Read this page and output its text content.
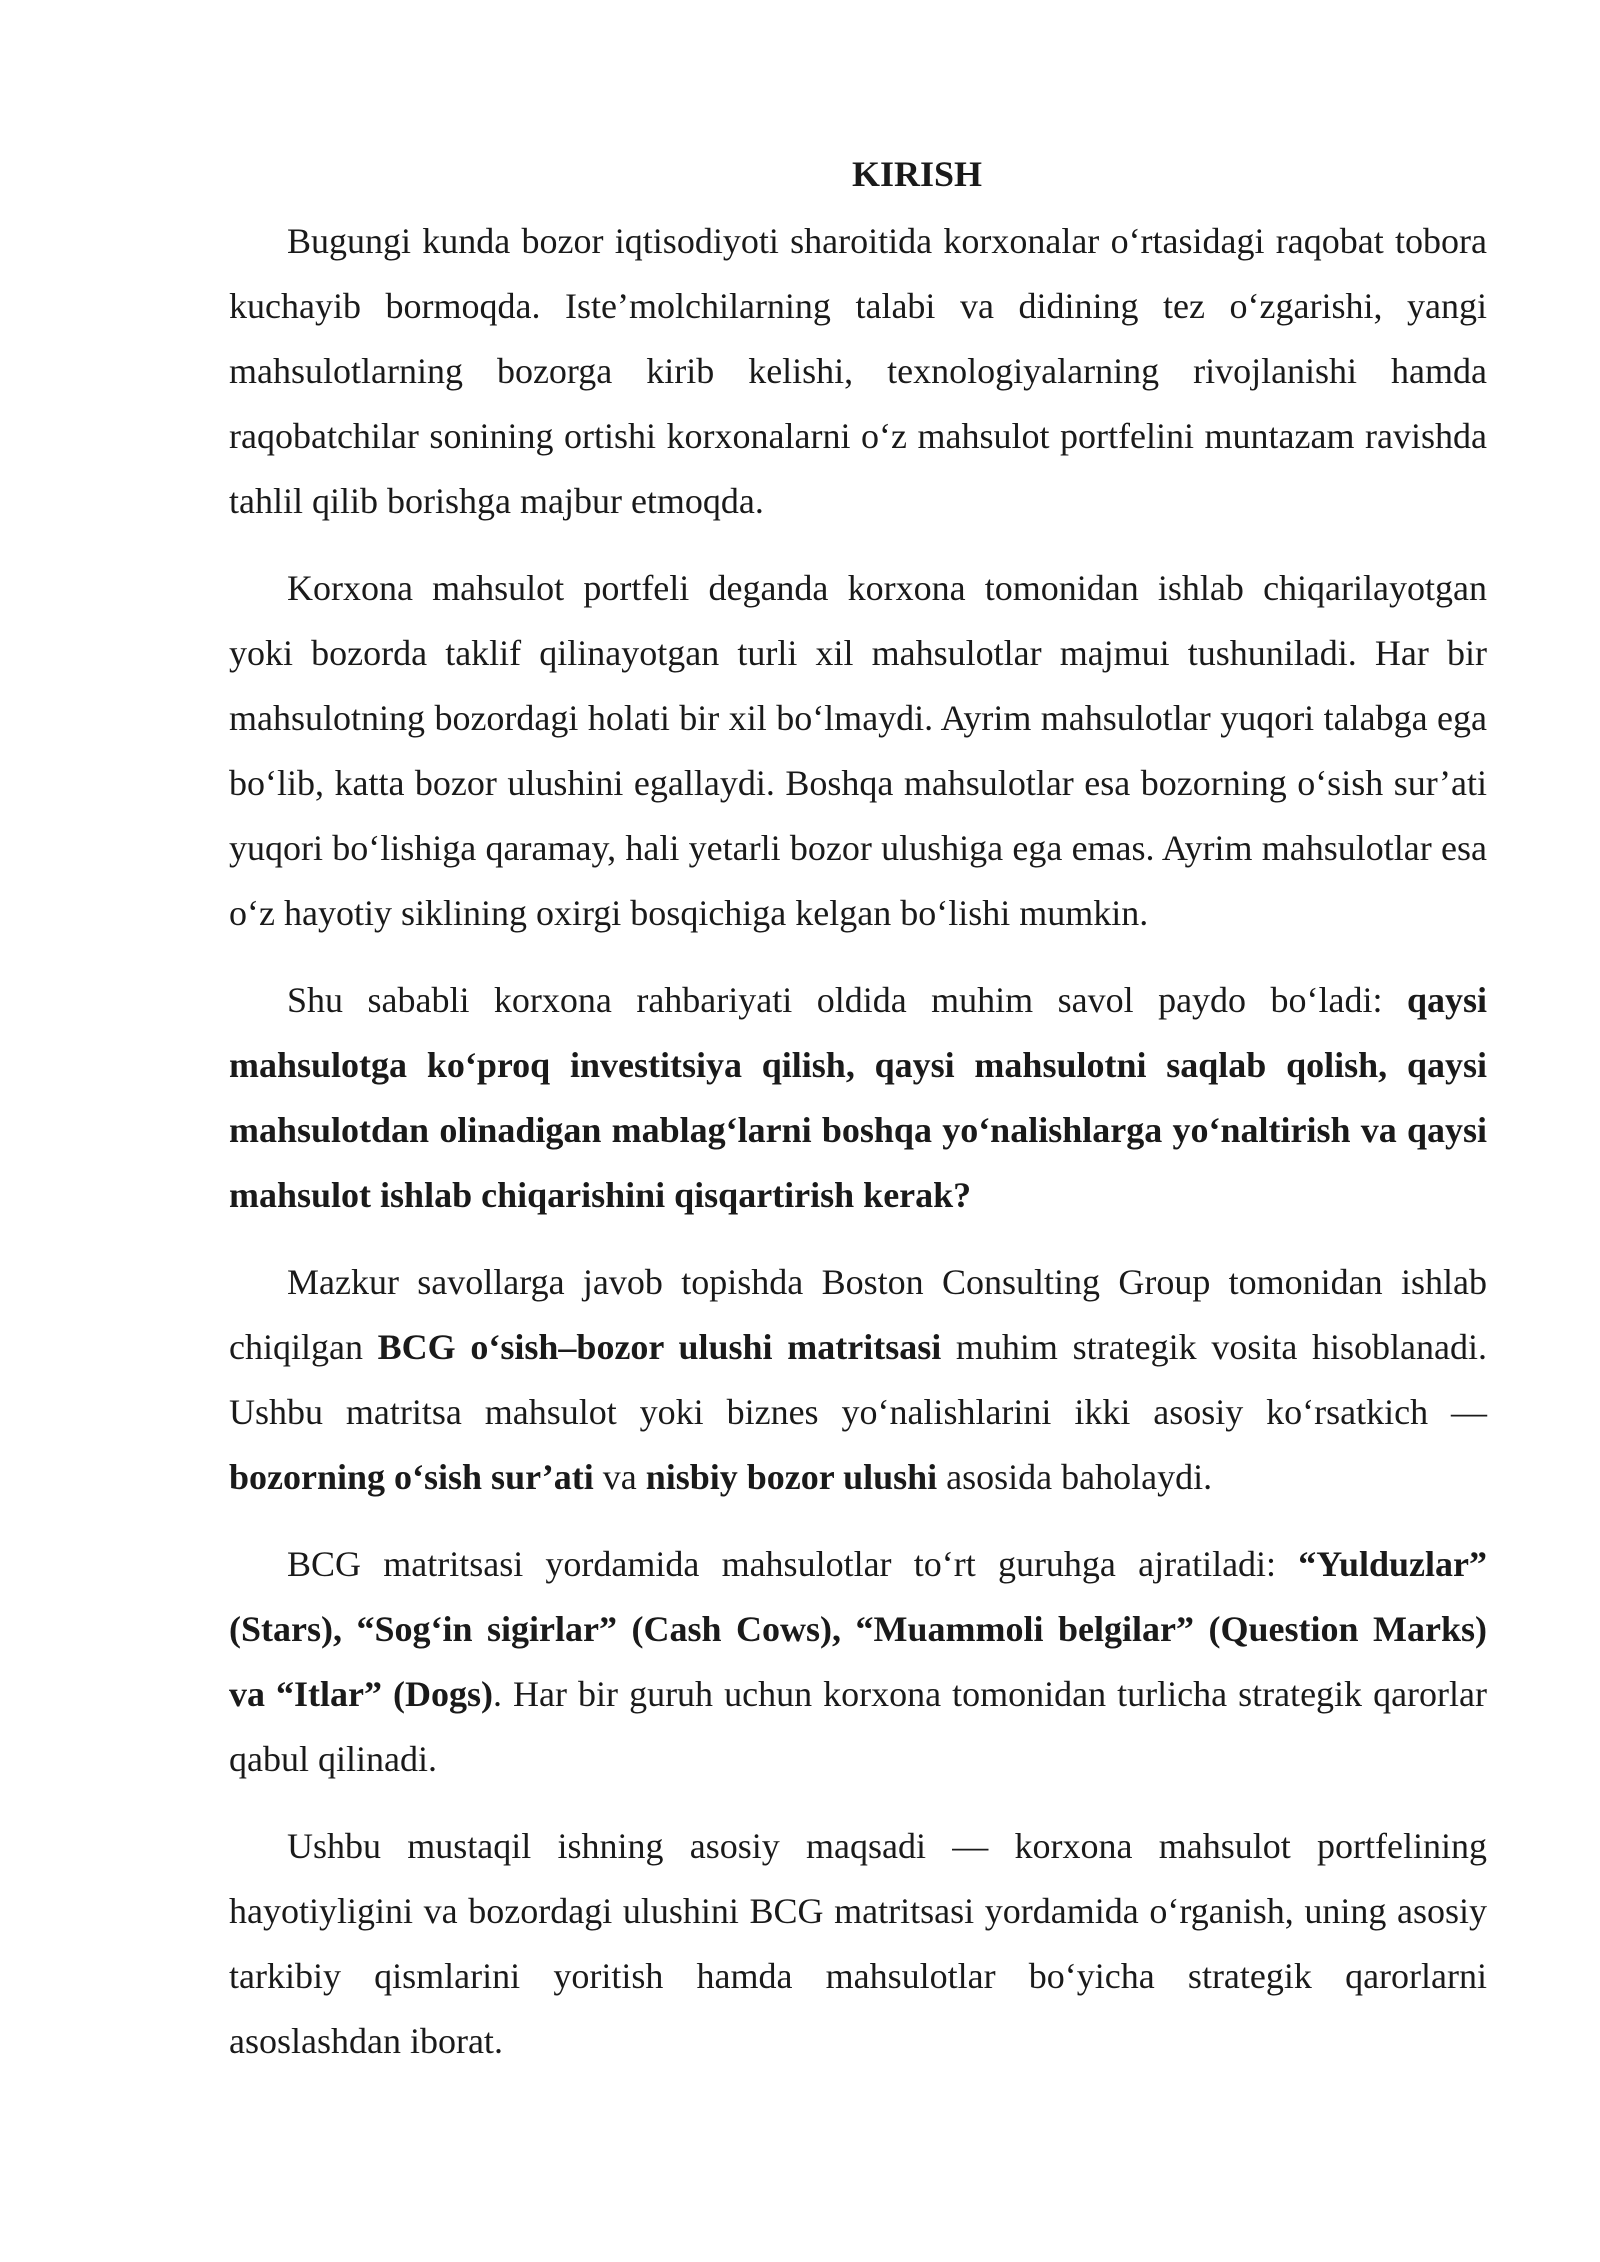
KIRISH

Bugungi kunda bozor iqtisodiyoti sharoitida korxonalar o‘rtasidagi raqobat tobora kuchayib bormoqda. Iste’molchilarning talabi va didining tez o‘zgarishi, yangi mahsulotlarning bozorga kirib kelishi, texnologiyalarning rivojlanishi hamda raqobatchilar sonining ortishi korxonalarni o‘z mahsulot portfelini muntazam ravishda tahlil qilib borishga majbur etmoqda.

Korxona mahsulot portfeli deganda korxona tomonidan ishlab chiqarilayotgan yoki bozorda taklif qilinayotgan turli xil mahsulotlar majmui tushuniladi. Har bir mahsulotning bozordagi holati bir xil bo‘lmaydi. Ayrim mahsulotlar yuqori talabga ega bo‘lib, katta bozor ulushini egallaydi. Boshqa mahsulotlar esa bozorning o‘sish sur’ati yuqori bo‘lishiga qaramay, hali yetarli bozor ulushiga ega emas. Ayrim mahsulotlar esa o‘z hayotiy siklining oxirgi bosqichiga kelgan bo‘lishi mumkin.

Shu sababli korxona rahbariyati oldida muhim savol paydo bo‘ladi: qaysi mahsulotga ko‘proq investitsiya qilish, qaysi mahsulotni saqlab qolish, qaysi mahsulotdan olinadigan mablag‘larni boshqa yo‘nalishlarga yo‘naltirish va qaysi mahsulot ishlab chiqarishini qisqartirish kerak?

Mazkur savollarga javob topishda Boston Consulting Group tomonidan ishlab chiqilgan BCG o‘sish–bozor ulushi matritsasi muhim strategik vosita hisoblanadi. Ushbu matritsa mahsulot yoki biznes yo‘nalishlarini ikki asosiy ko‘rsatkich — bozorning o‘sish sur’ati va nisbiy bozor ulushi asosida baholaydi.

BCG matritsasi yordamida mahsulotlar to‘rt guruhga ajratiladi: “Yulduzlar” (Stars), “Sog‘in sigirlar” (Cash Cows), “Muammoli belgilar” (Question Marks) va “Itlar” (Dogs). Har bir guruh uchun korxona tomonidan turlicha strategik qarorlar qabul qilinadi.

Ushbu mustaqil ishning asosiy maqsadi — korxona mahsulot portfelining hayotiyligini va bozordagi ulushini BCG matritsasi yordamida o‘rganish, uning asosiy tarkibiy qismlarini yoritish hamda mahsulotlar bo‘yicha strategik qarorlarni asoslashdan iborat.
